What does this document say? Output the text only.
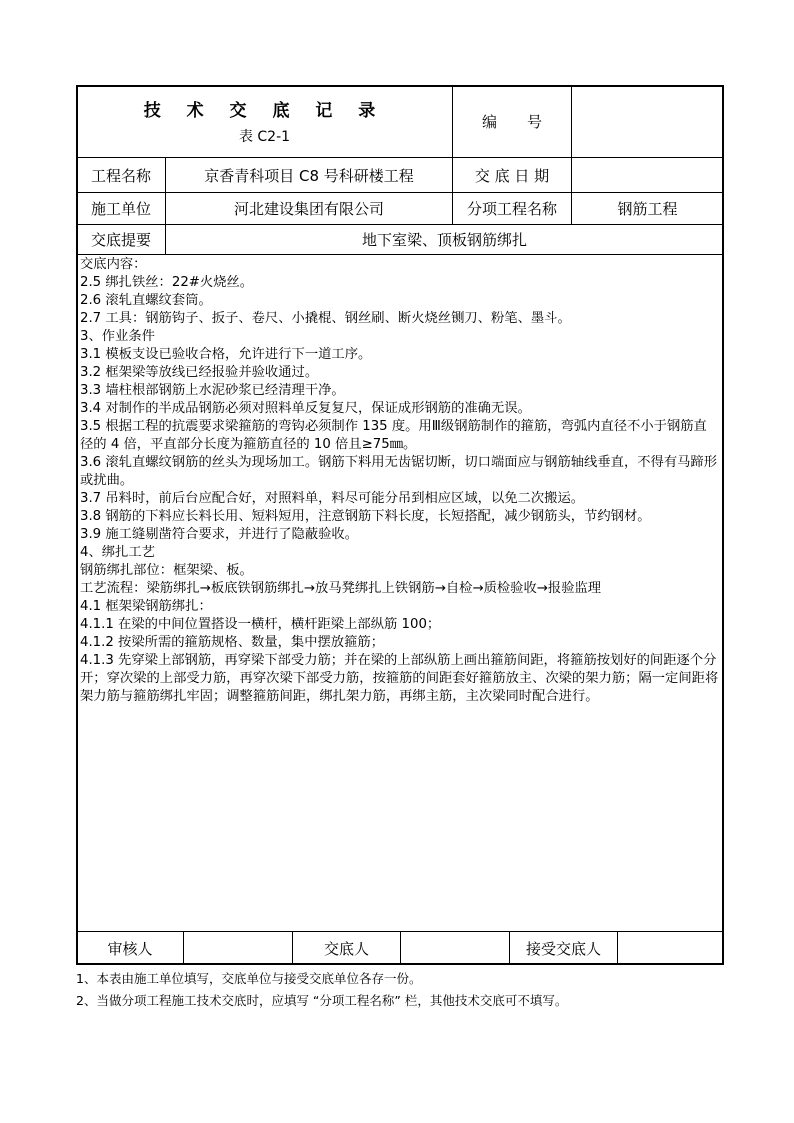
技 术 交 底 记 录
表 C2-1
编　　号
工程名称	京香青科项目 C8 号科研楼工程	交 底 日 期
施工单位	河北建设集团有限公司	分项工程名称	钢筋工程
交底提要	地下室梁、顶板钢筋绑扎
交底内容：
2.5 绑扎铁丝：22#火烧丝。
2.6 滚轧直螺纹套筒。
2.7 工具：钢筋钩子、扳子、卷尺、小撬棍、钢丝刷、断火烧丝铡刀、粉笔、墨斗。
3、作业条件
3.1 模板支设已验收合格，允许进行下一道工序。
3.2 框架梁等放线已经报验并验收通过。
3.3 墙柱根部钢筋上水泥砂浆已经清理干净。
3.4 对制作的半成品钢筋必须对照料单反复复尺，保证成形钢筋的准确无误。
3.5 根据工程的抗震要求梁箍筋的弯钩必须制作 135 度。用Ⅲ级钢筋制作的箍筋，弯弧内直径不小于钢筋直径的 4 倍，平直部分长度为箍筋直径的 10 倍且≥75㎜。
3.6 滚轧直螺纹钢筋的丝头为现场加工。钢筋下料用无齿锯切断，切口端面应与钢筋轴线垂直，不得有马蹄形或扰曲。
3.7 吊料时，前后台应配合好，对照料单，料尽可能分吊到相应区域，以免二次搬运。
3.8 钢筋的下料应长料长用、短料短用，注意钢筋下料长度，长短搭配，减少钢筋头，节约钢材。
3.9 施工缝剔凿符合要求，并进行了隐蔽验收。
4、绑扎工艺
钢筋绑扎部位：框架梁、板。
工艺流程：梁筋绑扎→板底铁钢筋绑扎→放马凳绑扎上铁钢筋→自检→质检验收→报验监理
4.1 框架梁钢筋绑扎：
4.1.1 在梁的中间位置搭设一横杆，横杆距梁上部纵筋 100；
4.1.2 按梁所需的箍筋规格、数量，集中摆放箍筋；
4.1.3 先穿梁上部钢筋，再穿梁下部受力筋；并在梁的上部纵筋上画出箍筋间距，将箍筋按划好的间距逐个分开；穿次梁的上部受力筋，再穿次梁下部受力筋，按箍筋的间距套好箍筋放主、次梁的架力筋；隔一定间距将架力筋与箍筋绑扎牢固；调整箍筋间距，绑扎架力筋，再绑主筋，主次梁同时配合进行。
审核人	交底人	接受交底人
1、本表由施工单位填写，交底单位与接受交底单位各存一份。
2、当做分项工程施工技术交底时，应填写 “分项工程名称” 栏，其他技术交底可不填写。
